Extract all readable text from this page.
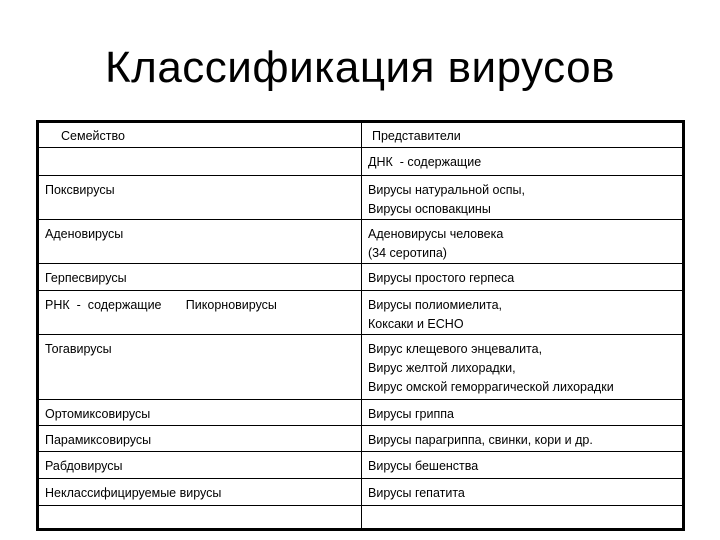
Классификация вирусов
Семейство	Представители

	ДНК  - содержащие

Поксвирусы	Вирусы натуральной оспы,
Вирусы осповакцины

Аденовирусы	Аденовирусы человека
(34 серотипа)

Герпесвирусы	Вирусы простого герпеса

РНК  -  содержащие       Пикорновирусы	Вирусы полиомиелита,
Коксаки и ЕСНО

Тогавирусы	Вирус клещевого энцевалита,
Вирус желтой лихорадки,
Вирус омской геморрагической лихорадки

Ортомиксовирусы	Вирусы гриппа

Парамиксовирусы	Вирусы парагриппа, свинки, кори и др.

Рабдовирусы	Вирусы бешенства

Неклассифицируемые вирусы	Вирусы гепатита
